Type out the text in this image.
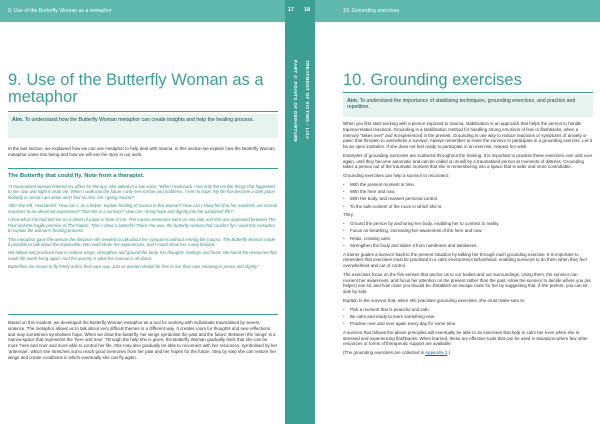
9. Use of the Butterfly Woman as a metaphor
9. Use of the Butterfly Woman as a metaphor
Aim. To understand how the Butterfly Woman metaphor can create insights and help the healing process.

In the last section, we explained how we can use metaphor to help deal with trauma. In this section we explain how the Butterfly Woman metaphor came into being and how we will use the story in our work.

The Butterfly that could fly. Note from a therapist.

"A traumatised woman entered my office for therapy. She talked in a low voice. 'When I look back I see only the terrible things that happened to me, day and night it visits me. When I walk into the future I only see sorrow and problems. I see no hope. My life has become a dark place. Nobody is ruined I am alone and I find no rest. Am I going insane?'

After she left, I wondered: 'How can I, as a helper, explain healing of trauma to this woman? How can I show her that her reactions are normal reactions to an abnormal experience? That she is a survivor? How can I bring hope and dignity into her paralysed life?'

I drew what she had told me on a sheet of paper in front of me. The trauma memories were on one side and she was squeezed between The Past and the fragile promise of The Future. Then I drew a butterfly! There she was, the butterfly woman that couldn't fly! I used this metaphor to explain the woman's healing process.

This metaphor gave the woman the distance she needed to talk about her symptoms without reliving the trauma. The Butterfly Woman made it possible to talk about the impossible. We could share her experiences, and I could show her a way forward.

We talked and practiced how to restore wings, strengthen and ground the body, her thoughts, feelings and heart. We found the resources that made life worth living again. And the journey is what the manual is all about.

Butterflies are meant to fly freely and in their own way. Just as women should be free to live their own meaning in peace and dignity."

Based on this incident, we developed the Butterfly Woman metaphor as a tool for working with individuals traumatised by severe violence. The metaphor allows us to talk about very difficult themes in a different way. It creates room for thoughts and new reflections and may sometimes symbolises hope. When we draw the butterfly, her wings symbolise the past and the future. Between the 'wings' is a narrow space that represents the 'here and now'. Through the help she is given, the Butterfly Woman gradually feels that she can be more 'here and now' and more able to control her life. She may also gradually be able to reconnect with her resources, symbolised by her 'antennae', which she stretches out to reach good memories from her past and her hopes for the future. Step by step she can restore her wings and create conditions in which eventually she can fly again.

17 18
PART 4: POINTS OF DEPARTURE	TREATMENT OF VICTIMS • LISA
10. Grounding exercises
10. Grounding exercises
Aim. To understand the importance of stabilising techniques, grounding exercises, and practice and repetition.

When you first start working with a person exposed to trauma, stabilisation is an approach that helps the person to handle trauma-related reactions. Grounding is a stabilisation method for handling strong emotions of fear or flashbacks, when a memory "takes over" and is experienced in the present. Grounding is one way to reduce reactions or symptoms of anxiety or panic that threaten to overwhelm a survivor. Always remember to invite the survivor to participate in a grounding exercise. Let it be an open invitation. If she does not feel ready to participate in an exercise, respect her wish.

Examples of grounding exercises are scattered throughout the training. It is important to practise these exercises over and over again, until they become automatic and can be called on at will by a traumatised person at moments of distress. Grounding takes a person out of the traumatic moment that she is remembering into a space that is safer and more controllable.

Grounding exercises can help a survivor to reconnect:

• With the present moment in time.
• With the here and now.
• With her body, and reassert personal control.
• To the safe content of the room in which she is.

They:

• Ground the person by anchoring her body, enabling her to connect to reality.
• Focus on breathing, increasing her awareness of the here and now.
• Relax, creating calm.
• Strengthen the body and widen it from numbness and weakness.

A trainer guides a survivor back to the present situation by talking her through each grounding exercise. It is important to remember that exercises must be practised in a calm environment beforehand, enabling survivors to do them when they feel overwhelmed and out of control.

The exercises focus on the five senses that anchor us to our bodies and our surroundings. Using them, the survivor can reorient her awareness, and focus her attention on the present rather than the past. Allow the survivor to decide where you (as helper) can sit, and how close you should be. Establish an escape route for her by suggesting that, if she prefers, you can sit side by side.

Explain to the survivor that, when she practises grounding exercises, she must make sure to:

• Pick a moment that is peaceful and safe.
• Be calm and ready to learn something new.
• Practise over and over again every day for some time.

A survivor that follows the above principles will eventually be able to do exercises that help to calm her even when she is stressed and experiencing flashbacks. When learned, these are effective tools that can be used in situations where few other resources or forms of therapeutic support are available.

(The grounding exercises are collected in Appendix 2.)
